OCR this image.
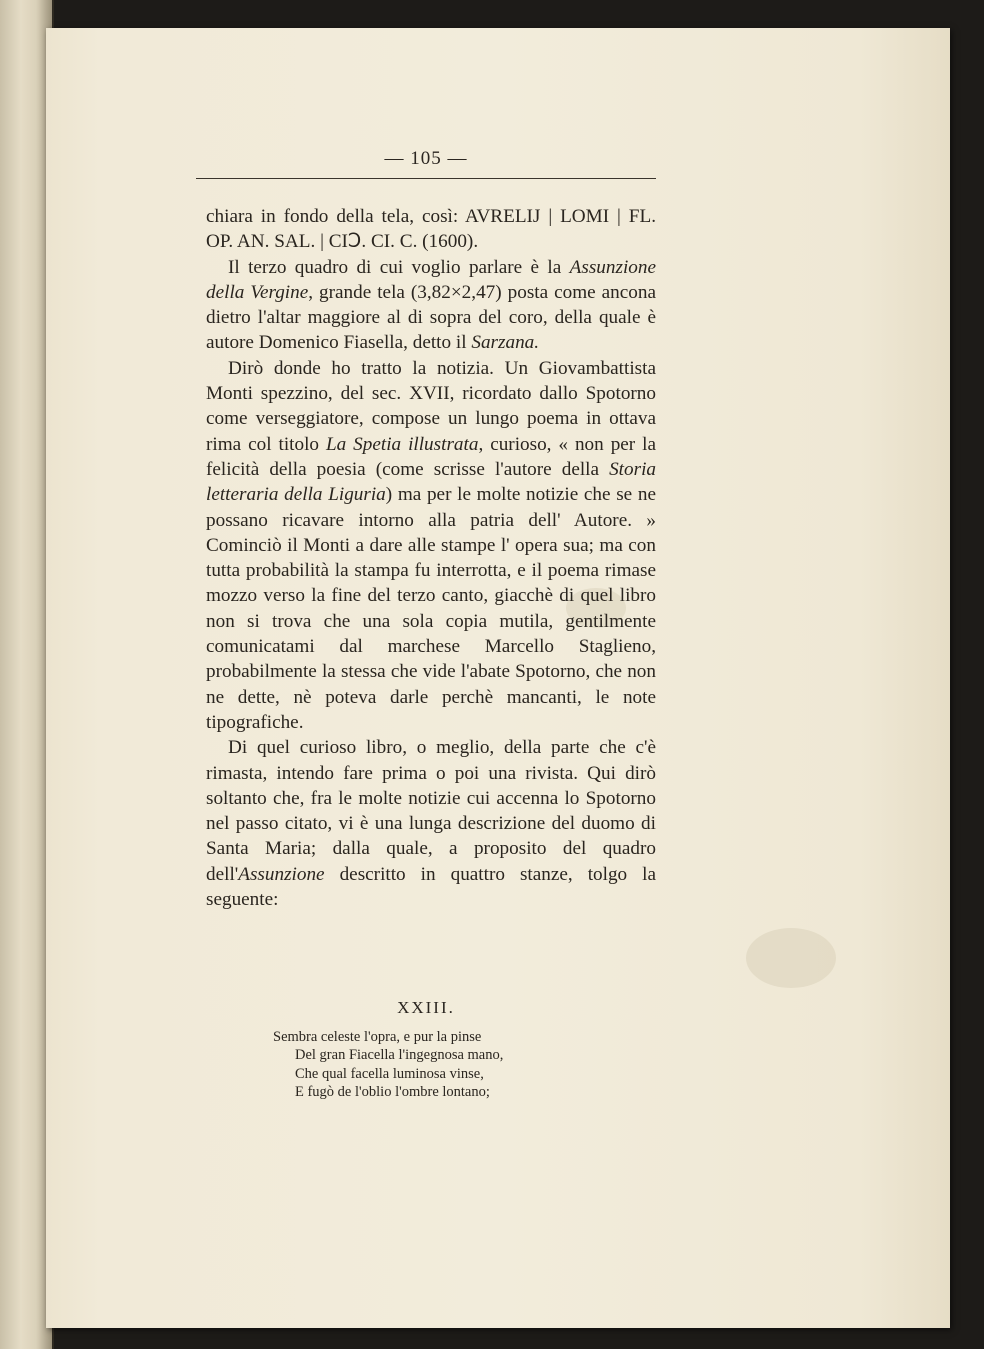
— 105 —

chiara in fondo della tela, così: AVRELIJ | LOMI | FL. OP. AN. SAL. | CIↃ. CI. C. (1600).

Il terzo quadro di cui voglio parlare è la Assunzione della Vergine, grande tela (3,82×2,47) posta come ancona dietro l'altar maggiore al di sopra del coro, della quale è autore Domenico Fiasella, detto il Sarzana.

Dirò donde ho tratto la notizia. Un Giovambattista Monti spezzino, del sec. XVII, ricordato dallo Spotorno come verseggiatore, compose un lungo poema in ottava rima col titolo La Spetia illustrata, curioso, « non per la felicità della poesia (come scrisse l'autore della Storia letteraria della Liguria) ma per le molte notizie che se ne possano ricavare intorno alla patria dell' Autore. » Cominciò il Monti a dare alle stampe l' opera sua; ma con tutta probabilità la stampa fu interrotta, e il poema rimase mozzo verso la fine del terzo canto, giacchè di quel libro non si trova che una sola copia mutila, gentilmente comunicatami dal marchese Marcello Staglieno, probabilmente la stessa che vide l'abate Spotorno, che non ne dette, nè poteva darle perchè mancanti, le note tipografiche.

Di quel curioso libro, o meglio, della parte che c'è rimasta, intendo fare prima o poi una rivista. Qui dirò soltanto che, fra le molte notizie cui accenna lo Spotorno nel passo citato, vi è una lunga descrizione del duomo di Santa Maria; dalla quale, a proposito del quadro dell'Assunzione descritto in quattro stanze, tolgo la seguente:

XXIII.
Sembra celeste l'opra, e pur la pinse
Del gran Fiacella l'ingegnosa mano,
Che qual facella luminosa vinse,
E fugò de l'oblio l'ombre lontano;
